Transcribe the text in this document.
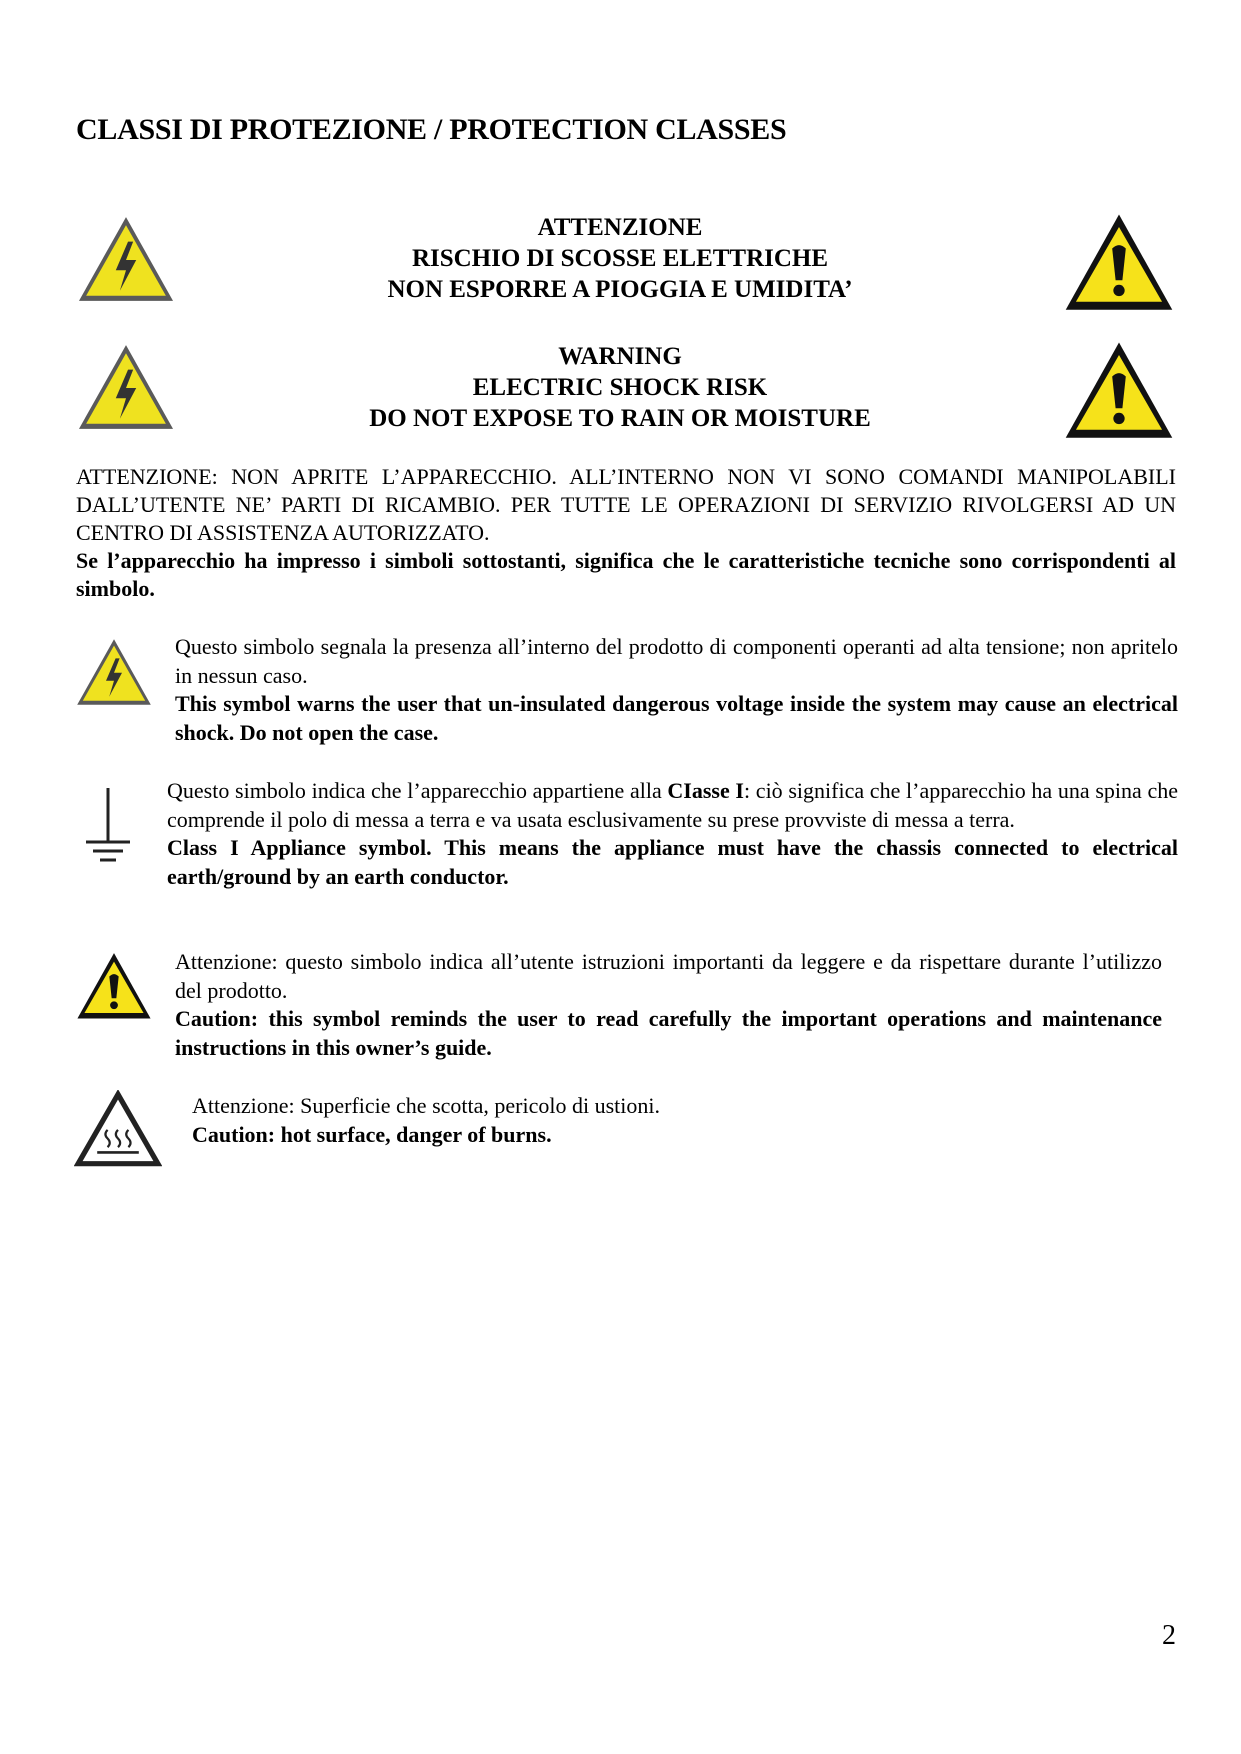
CLASSI DI PROTEZIONE / PROTECTION CLASSES
ATTENZIONE
RISCHIO DI SCOSSE ELETTRICHE
NON ESPORRE A PIOGGIA E UMIDITA’
WARNING
ELECTRIC SHOCK RISK
DO NOT EXPOSE TO RAIN OR MOISTURE

ATTENZIONE: NON APRITE L’APPARECCHIO. ALL’INTERNO NON VI SONO COMANDI MANIPOLABILI DALL’UTENTE NE’ PARTI DI RICAMBIO. PER TUTTE LE OPERAZIONI DI SERVIZIO RIVOLGERSI AD UN CENTRO DI ASSISTENZA AUTORIZZATO.

Se l’apparecchio ha impresso i simboli sottostanti, significa che le caratteristiche tecniche sono corrispondenti al simbolo.

Questo simbolo segnala la presenza all’interno del prodotto di componenti operanti ad alta tensione; non apritelo in nessun caso.

This symbol warns the user that un-insulated dangerous voltage inside the system may cause an electrical shock. Do not open the case.

Questo simbolo indica che l’apparecchio appartiene alla CIasse I: ciò significa che l’apparecchio ha una spina che comprende il polo di messa a terra e va usata esclusivamente su prese provviste di messa a terra.

Class I Appliance symbol. This means the appliance must have the chassis connected to electrical earth/ground by an earth conductor.

Attenzione: questo simbolo indica all’utente istruzioni importanti da leggere e da rispettare durante l’utilizzo del prodotto.

Caution: this symbol reminds the user to read carefully the important operations and maintenance instructions in this owner’s guide.

Attenzione: Superficie che scotta, pericolo di ustioni.

Caution: hot surface, danger of burns.

2
